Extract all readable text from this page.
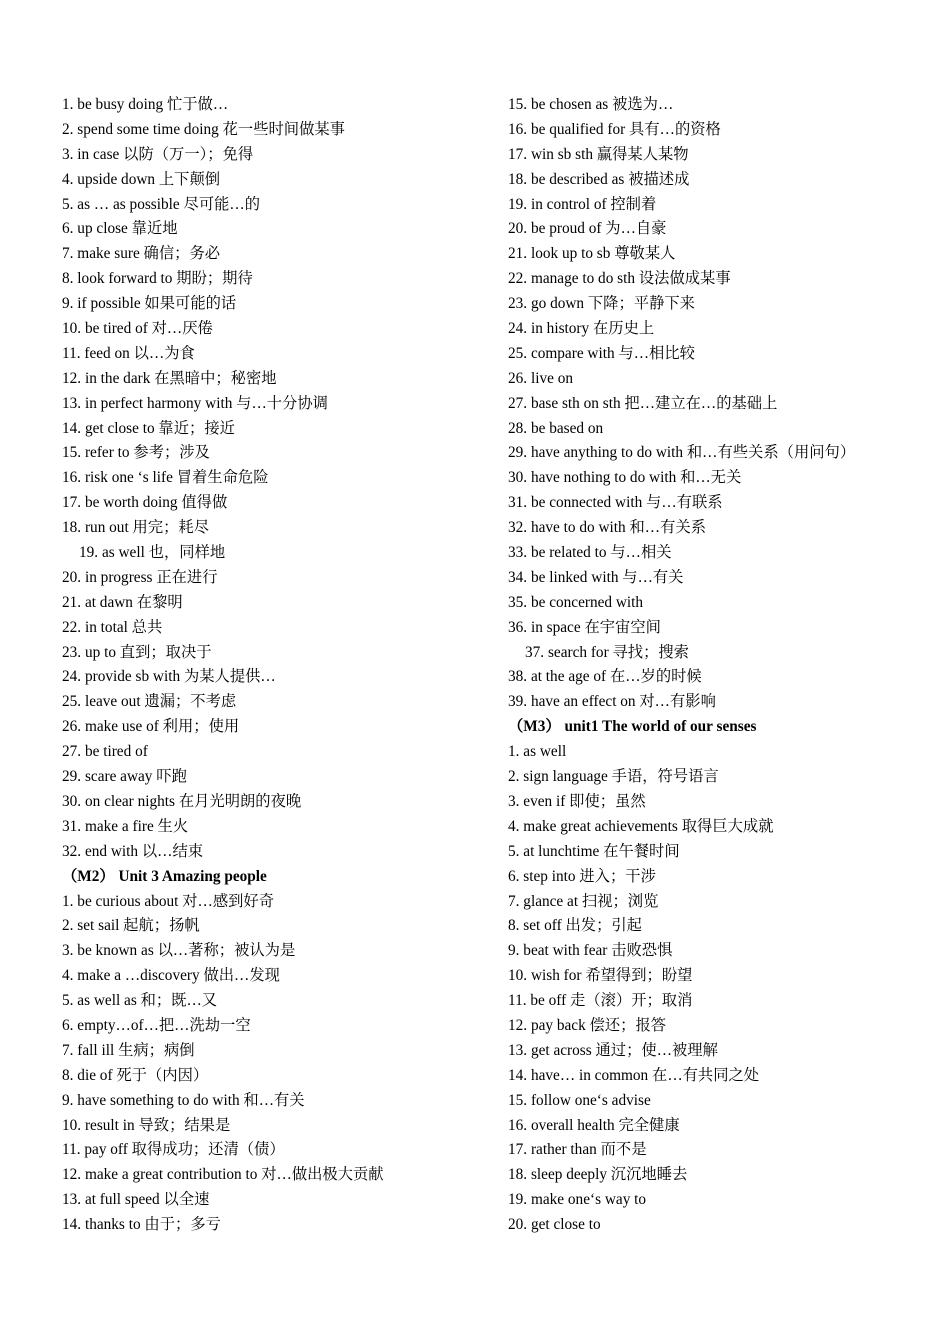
1. be busy doing 忙于做…
2. spend some time doing 花一些时间做某事
3. in case 以防（万一）；免得
4. upside down 上下颠倒
5. as … as possible 尽可能…的
6. up close 靠近地
7. make sure 确信；务必
8. look forward to 期盼；期待
9. if possible 如果可能的话
10. be tired of 对…厌倦
11. feed on 以…为食
12. in the dark 在黑暗中；秘密地
13. in perfect harmony with 与…十分协调
14. get close to 靠近；接近
15. refer to 参考；涉及
16. risk one ‘s life 冒着生命危险
17. be worth doing 值得做
18. run out 用完；耗尽
19. as well 也，同样地
20. in progress 正在进行
21. at dawn 在黎明
22. in total 总共
23. up to 直到；取决于
24. provide sb with 为某人提供…
25. leave out 遗漏；不考虑
26. make use of 利用；使用
27. be tired of
29. scare away 吓跑
30. on clear nights 在月光明朗的夜晚
31. make a fire 生火
32. end with 以…结束
（M2） Unit 3 Amazing people
1. be curious about 对…感到好奇
2. set sail 起航；扬帆
3. be known as 以…著称；被认为是
4. make a …discovery 做出…发现
5. as well as 和；既…又
6. empty…of…把…洗劫一空
7. fall ill 生病；病倒
8. die of 死于（内因）
9. have something to do with 和…有关
10. result in 导致；结果是
11. pay off 取得成功；还清（债）
12. make a great contribution to 对…做出极大贡献
13. at full speed 以全速
14. thanks to 由于；多亏
15. be chosen as 被选为…
16. be qualified for 具有…的资格
17. win sb sth 赢得某人某物
18. be described as 被描述成
19. in control of 控制着
20. be proud of 为…自豪
21. look up to sb 尊敬某人
22. manage to do sth 设法做成某事
23. go down 下降；平静下来
24. in history 在历史上
25. compare with 与…相比较
26. live on
27. base sth on sth 把…建立在…的基础上
28. be based on
29. have anything to do with 和…有些关系（用问句）
30. have nothing to do with 和…无关
31. be connected with 与…有联系
32. have to do with 和…有关系
33. be related to 与…相关
34. be linked with 与…有关
35. be concerned with
36. in space 在宇宙空间
37. search for 寻找；搜索
38. at the age of 在…岁的时候
39. have an effect on 对…有影响
（M3） unit1 The world of our senses
1. as well
2. sign language 手语，符号语言
3. even if 即使；虽然
4. make great achievements 取得巨大成就
5. at lunchtime 在午餐时间
6. step into 进入；干涉
7. glance at 扫视；浏览
8. set off 出发；引起
9. beat with fear 击败恐惧
10. wish for 希望得到；盼望
11. be off 走（滚）开；取消
12. pay back 偿还；报答
13. get across 通过；使…被理解
14. have… in common 在…有共同之处
15. follow one‘s advise
16. overall health 完全健康
17. rather than 而不是
18. sleep deeply 沉沉地睡去
19. make one‘s way to
20. get close to
